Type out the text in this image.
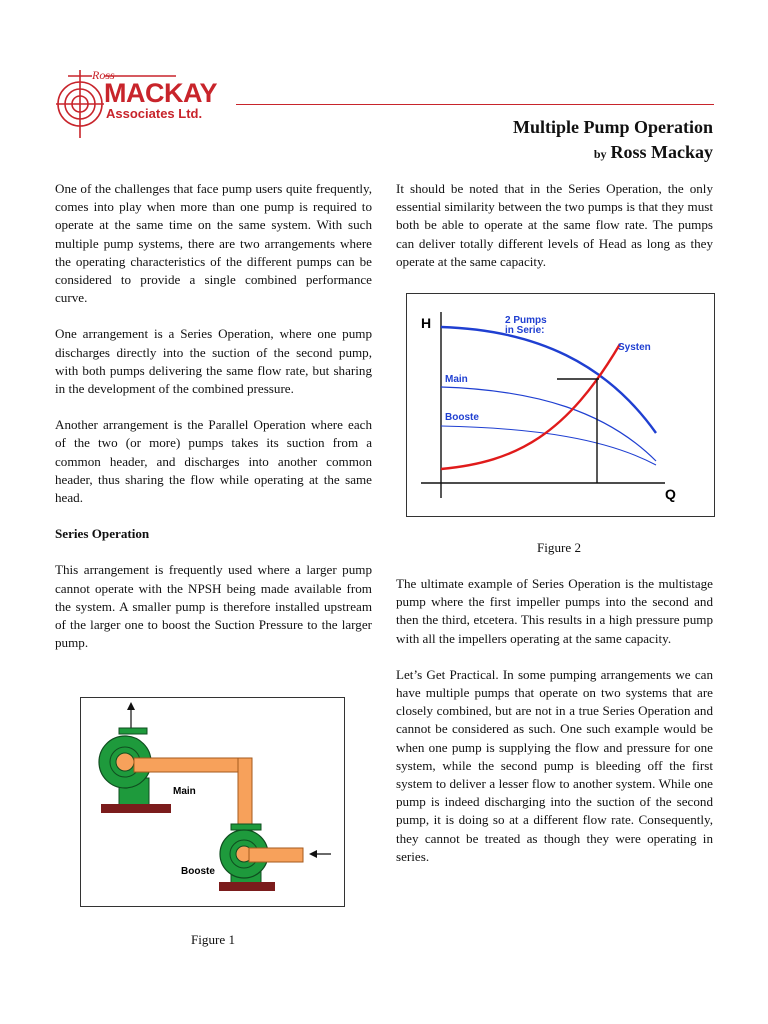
Ross
MACKAY
Associates Ltd.
Multiple Pump Operation
by Ross Mackay

One of the challenges that face pump users quite frequently, comes into play when more than one pump is required to operate at the same time on the same system. With such multiple pump systems, there are two arrangements where the operating characteristics of the different pumps can be considered to provide a single combined performance curve.

One arrangement is a Series Operation, where one pump discharges directly into the suction of the second pump, with both pumps delivering the same flow rate, but sharing in the development of the combined pressure.

Another arrangement is the Parallel Operation where each of the two (or more) pumps takes its suction from a common header, and discharges into another common header, thus sharing the flow while operating at the same head.

Series Operation

This arrangement is frequently used where a larger pump cannot operate with the NPSH being made available from the system. A smaller pump is therefore installed upstream of the larger one to boost the Suction Pressure to the larger pump.

It should be noted that in the Series Operation, the only essential similarity between the two pumps is that they must both be able to operate at the same flow rate. The pumps can deliver totally different levels of Head as long as they operate at the same capacity.

The ultimate example of Series Operation is the multistage pump where the first impeller pumps into the second and then the third, etcetera. This results in a high pressure pump with all the impellers operating at the same capacity.

Let’s Get Practical. In some pumping arrangements we can have multiple pumps that operate on two systems that are closely combined, but are not in a true Series Operation and cannot be considered as such. One such example would be when one pump is supplying the flow and pressure for one system, while the second pump is bleeding off the first system to deliver a lesser flow to another system. While one pump is indeed discharging into the suction of the second pump, it is doing so at a different flow rate. Consequently, they cannot be treated as though they were operating in series.

Main
Booste
Figure 1
H
Q
2 Pumps
in Serie:
Systen
Main
Booste
Figure 2
